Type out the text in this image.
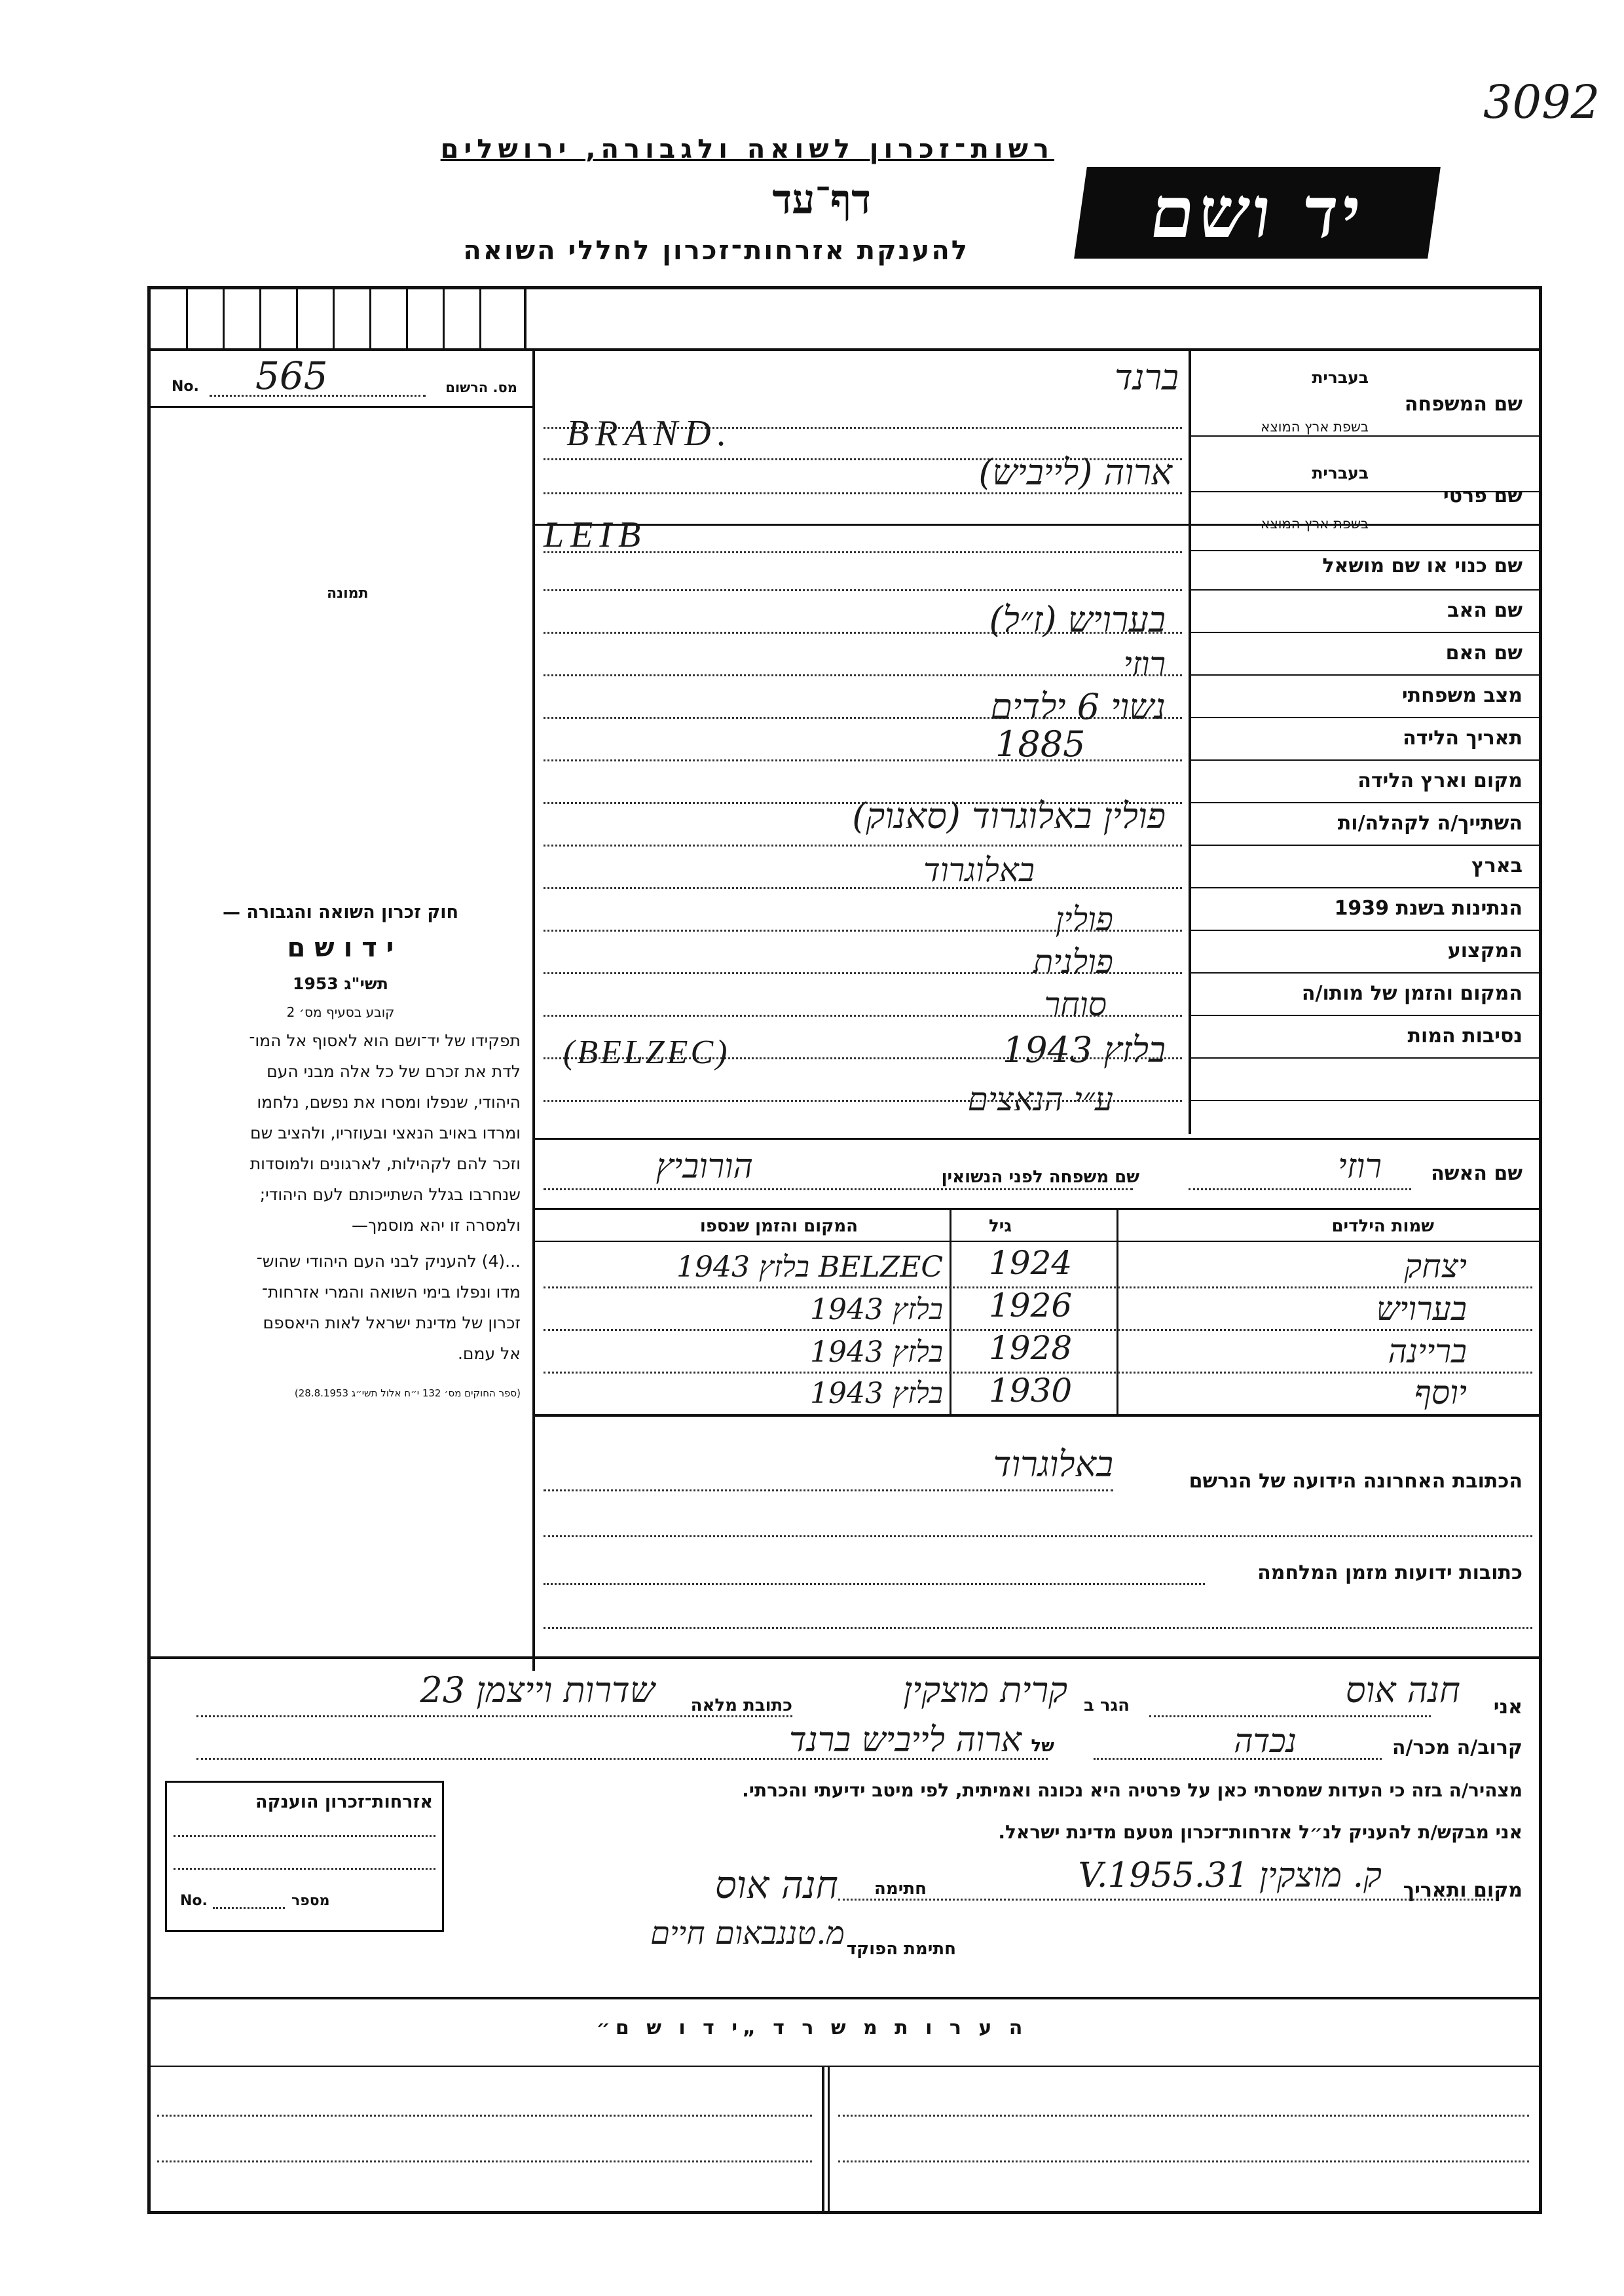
3092
יד ושם
רשות־זכרון לשואה ולגבורה, ירושלים
דף־עד
להענקת אזרחות־זכרון לחללי השואה
מס. הרשום
No. 565
תמונה
חוק זכרון השואה והגבורה —
י ד ו ש ם
תשי"ג 1953
קובע בסעיף מס׳ 2

תפקידו של יד־ושם הוא לאסוף אל המו־

לדת את זכרם של כל אלה מבני העם

היהודי, שנפלו ומסרו את נפשם, נלחמו

ומרדו באויב הנאצי ובעוזריו, ולהציב שם

וזכר להם לקהילות, לארגונים ולמוסדות

שנחרבו בגלל השתייכותם לעם היהודי;

ולמסרה זו יהא מוסמך—

...(4) להעניק לבני העם היהודי שהוש־

מדו ונפלו בימי השואה והמרי אזרחות־

זכרון של מדינת ישראל לאות היאספם

אל עמם.

(ספר החוקים מס׳ 132 י״ח אלול תשי״ג 28.8.1953)

שם המשפחה
בעברית
בשפת ארץ המוצא
שם פרטי
בעברית
בשפת ארץ המוצא
שם כנוי או שם מושאל
שם האב
שם האם
מצב משפחתי
תאריך הלידה
מקום וארץ הלידה
השתייך/ה לקהלה/ות
בארץ
הנתינות בשנת 1939
המקצוע
המקום והזמן של מותו/ה
נסיבות המות
ברנד
BRAND.
ארוה (לייביש)
LEIB
בערויש (ז״ל)
רוזי
נשוי 6 ילדים
1885
פולין באלוגרוד (סאנוק)
באלוגרוד
פולין
פולנית
סוחר
(BELZEC)	בלזץ 1943
ע״י הנאצים
שם האשה
רוזי
שם משפחה לפני הנשואין
הורוביץ
שמות הילדים
גיל
המקום והזמן שנספו
יצחק
1924
BELZEC בלזץ 1943
בערויש
1926
בלזץ 1943
בריינה
1928
בלזץ 1943
יוסף
1930
בלזץ 1943
הכתובת האחרונה הידועה של הנרשם
באלוגרוד
כתובות ידועות מזמן המלחמה
אני
חנה אוס
הגר ב
קרית מוצקין
כתובת מלאה
שדרות וייצמן 23
קרוב/ה מכר/ה
נכדה
של
ארוה לייביש ברנד
מצהיר/ה בזה כי העדות שמסרתי כאן על פרטיה היא נכונה ואמיתית, לפי מיטב ידיעתי והכרתי.
אני מבקש/ת להעניק לנ״ל אזרחות־זכרון מטעם מדינת ישראל.
מקום ותאריך
ק. מוצקין 31.V.1955
חתימה
חנה אוס
חתימת הפוקד
מ.טננבאום חיים
אזרחות־זכרון הוענקה
No.	מספר
ה ע ר ו ת מ ש ר ד „י ד ו ש ם״
